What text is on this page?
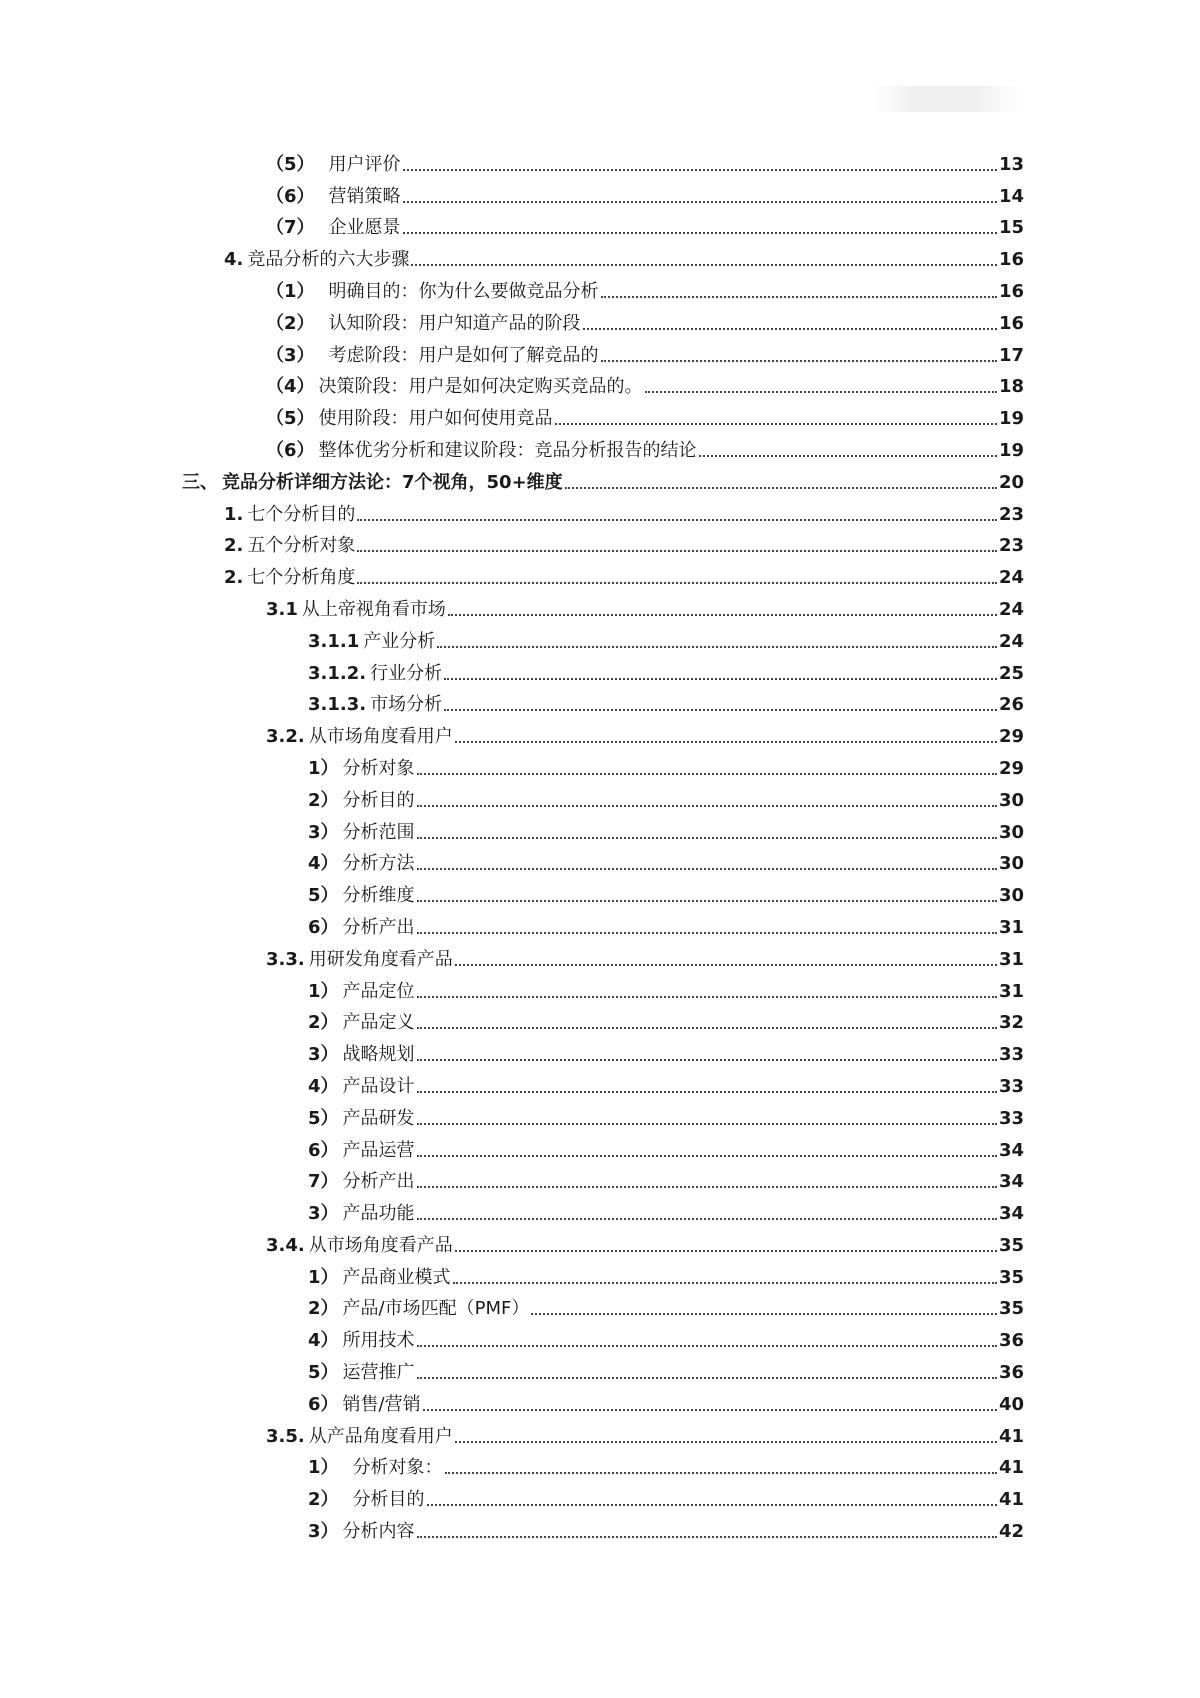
（5） 用户评价	13
（6） 营销策略	14
（7） 企业愿景	15
4. 竞品分析的六大步骤	16
（1） 明确目的：你为什么要做竞品分析	16
（2） 认知阶段：用户知道产品的阶段	16
（3） 考虑阶段：用户是如何了解竞品的	17
（4） 决策阶段：用户是如何决定购买竞品的。	18
（5） 使用阶段：用户如何使用竞品	19
（6） 整体优劣分析和建议阶段：竞品分析报告的结论	19
三、 竞品分析详细方法论：7个视角，50+维度	20
1. 七个分析目的	23
2. 五个分析对象	23
2. 七个分析角度	24
3.1 从上帝视角看市场	24
3.1.1 产业分析	24
3.1.2. 行业分析	25
3.1.3. 市场分析	26
3.2. 从市场角度看用户	29
1） 分析对象	29
2） 分析目的	30
3） 分析范围	30
4） 分析方法	30
5） 分析维度	30
6） 分析产出	31
3.3. 用研发角度看产品	31
1） 产品定位	31
2） 产品定义	32
3） 战略规划	33
4） 产品设计	33
5） 产品研发	33
6） 产品运营	34
7） 分析产出	34
3） 产品功能	34
3.4. 从市场角度看产品	35
1） 产品商业模式	35
2） 产品/市场匹配（PMF）	35
4） 所用技术	36
5） 运营推广	36
6） 销售/营销	40
3.5. 从产品角度看用户	41
1） 分析对象：	41
2） 分析目的	41
3） 分析内容	42
